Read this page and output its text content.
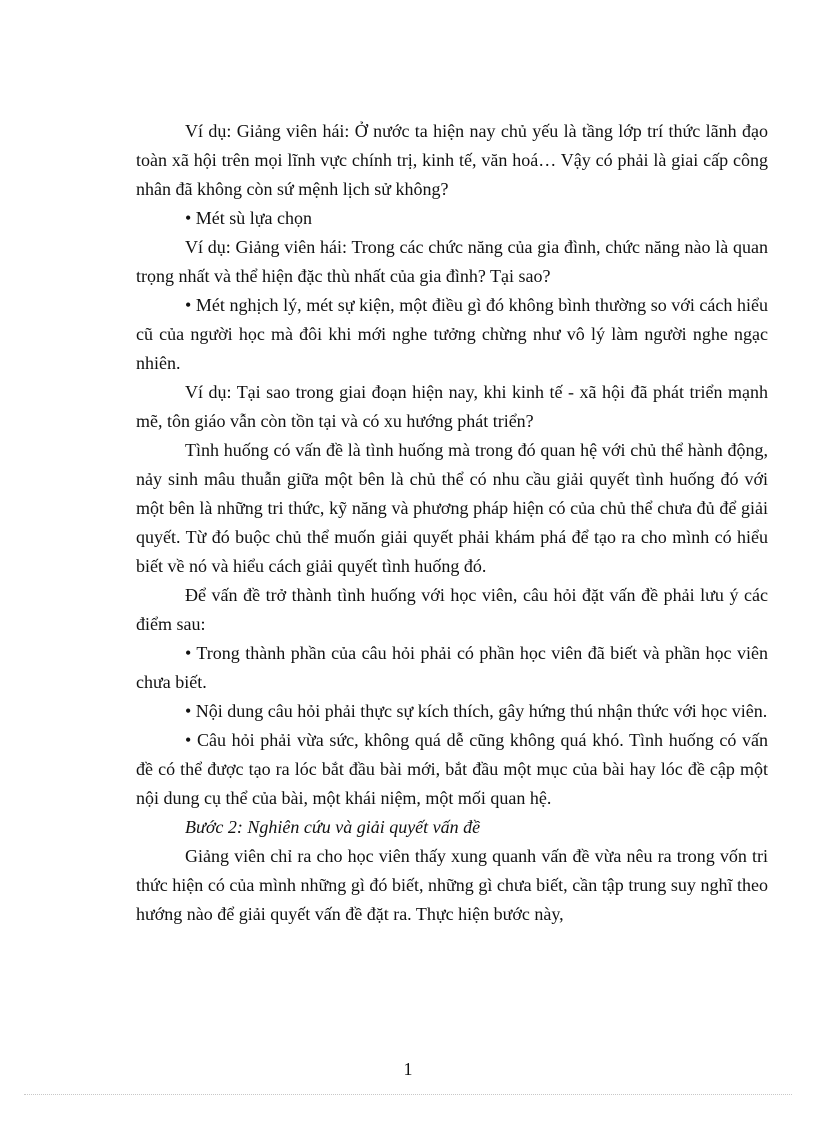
Ví dụ: Giảng viên hái: Ở nước ta hiện nay chủ yếu là tầng lớp trí thức lãnh đạo toàn xã hội trên mọi lĩnh vực chính trị, kinh tế, văn hoá… Vậy có phải là giai cấp công nhân đã không còn sứ mệnh lịch sử không?

• Mét sù lựa chọn

Ví dụ: Giảng viên hái: Trong các chức năng của gia đình, chức năng nào là quan trọng nhất và thể hiện đặc thù nhất của gia đình? Tại sao?

• Mét nghịch lý, mét sự kiện, một điều gì đó không bình thường so với cách hiểu cũ của người học mà đôi khi mới nghe tưởng chừng như vô lý làm người nghe ngạc nhiên.

Ví dụ: Tại sao trong giai đoạn hiện nay, khi kinh tế - xã hội đã phát triển mạnh mẽ, tôn giáo vẫn còn tồn tại và có xu hướng phát triển?

Tình huống có vấn đề là tình huống mà trong đó quan hệ với chủ thể hành động, nảy sinh mâu thuẫn giữa một bên là chủ thể có nhu cầu giải quyết tình huống đó với một bên là những tri thức, kỹ năng và phương pháp hiện có của chủ thể chưa đủ để giải quyết. Từ đó buộc chủ thể muốn giải quyết phải khám phá để tạo ra cho mình có hiểu biết về nó và hiểu cách giải quyết tình huống đó.

Để vấn đề trở thành tình huống với học viên, câu hỏi đặt vấn đề phải lưu ý các điểm sau:

• Trong thành phần của câu hỏi phải có phần học viên đã biết và phần học viên chưa biết.

• Nội dung câu hỏi phải thực sự kích thích, gây hứng thú nhận thức với học viên.

• Câu hỏi phải vừa sức, không quá dễ cũng không quá khó. Tình huống có vấn đề có thể được tạo ra lóc bắt đầu bài mới, bắt đầu một mục của bài hay lóc đề cập một nội dung cụ thể của bài, một khái niệm, một mối quan hệ.

Bước 2: Nghiên cứu và giải quyết vấn đề

Giảng viên chỉ ra cho học viên thấy xung quanh vấn đề vừa nêu ra trong vốn tri thức hiện có của mình những gì đó biết, những gì chưa biết, cần tập trung suy nghĩ theo hướng nào để giải quyết vấn đề đặt ra. Thực hiện bước này,

1
